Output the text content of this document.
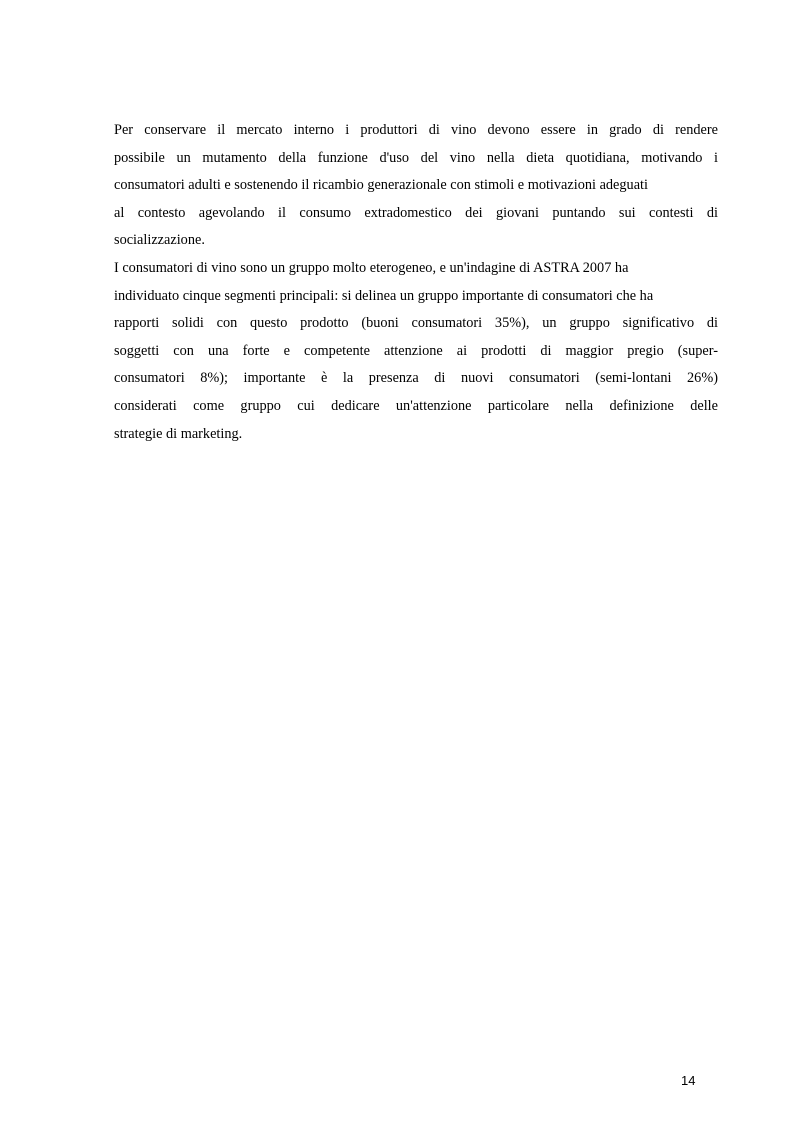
Per conservare il mercato interno i produttori di vino devono essere in grado di rendere
possibile un mutamento della funzione d'uso del vino nella dieta quotidiana, motivando i
consumatori adulti e sostenendo il ricambio generazionale con stimoli e motivazioni adeguati
al contesto agevolando il consumo extradomestico dei giovani puntando sui contesti di
socializzazione.
I consumatori di vino sono un gruppo molto eterogeneo, e un'indagine di ASTRA 2007 ha
individuato cinque segmenti principali: si delinea un gruppo importante di consumatori che ha
rapporti solidi con questo prodotto (buoni consumatori 35%), un gruppo significativo di
soggetti con una forte e competente attenzione ai prodotti di maggior pregio (super-
consumatori 8%); importante è la presenza di nuovi consumatori (semi-lontani 26%)
considerati come gruppo cui dedicare un'attenzione particolare nella definizione delle
strategie di marketing.
14
